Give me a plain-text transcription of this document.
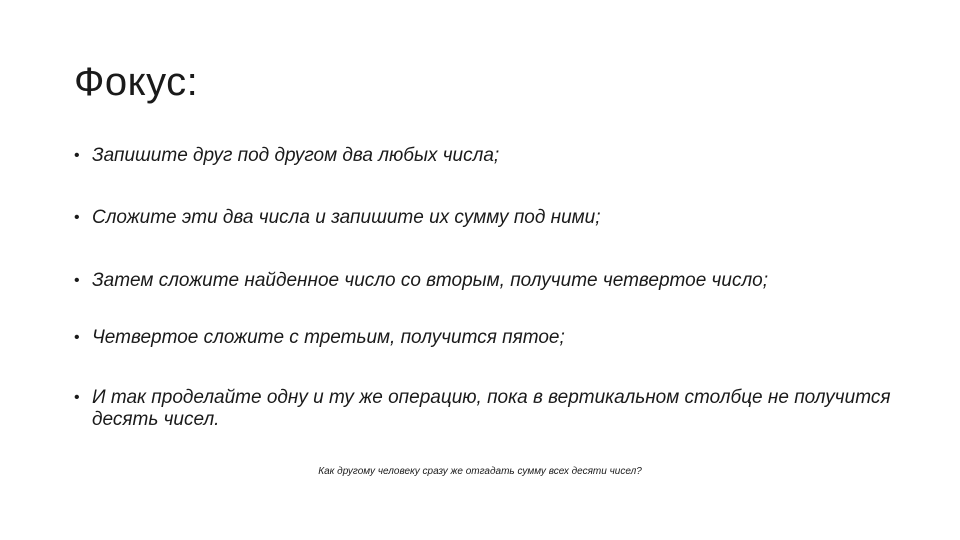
Фокус:
• Запишите друг под другом два любых числа;
• Сложите эти два числа и запишите их сумму под ними;
• Затем сложите найденное число со вторым, получите четвертое число;
• Четвертое сложите с третьим, получится пятое;
• И так проделайте одну и ту же операцию, пока в вертикальном столбце не получится десять чисел.

Как другому человеку сразу же отгадать сумму всех десяти чисел?
